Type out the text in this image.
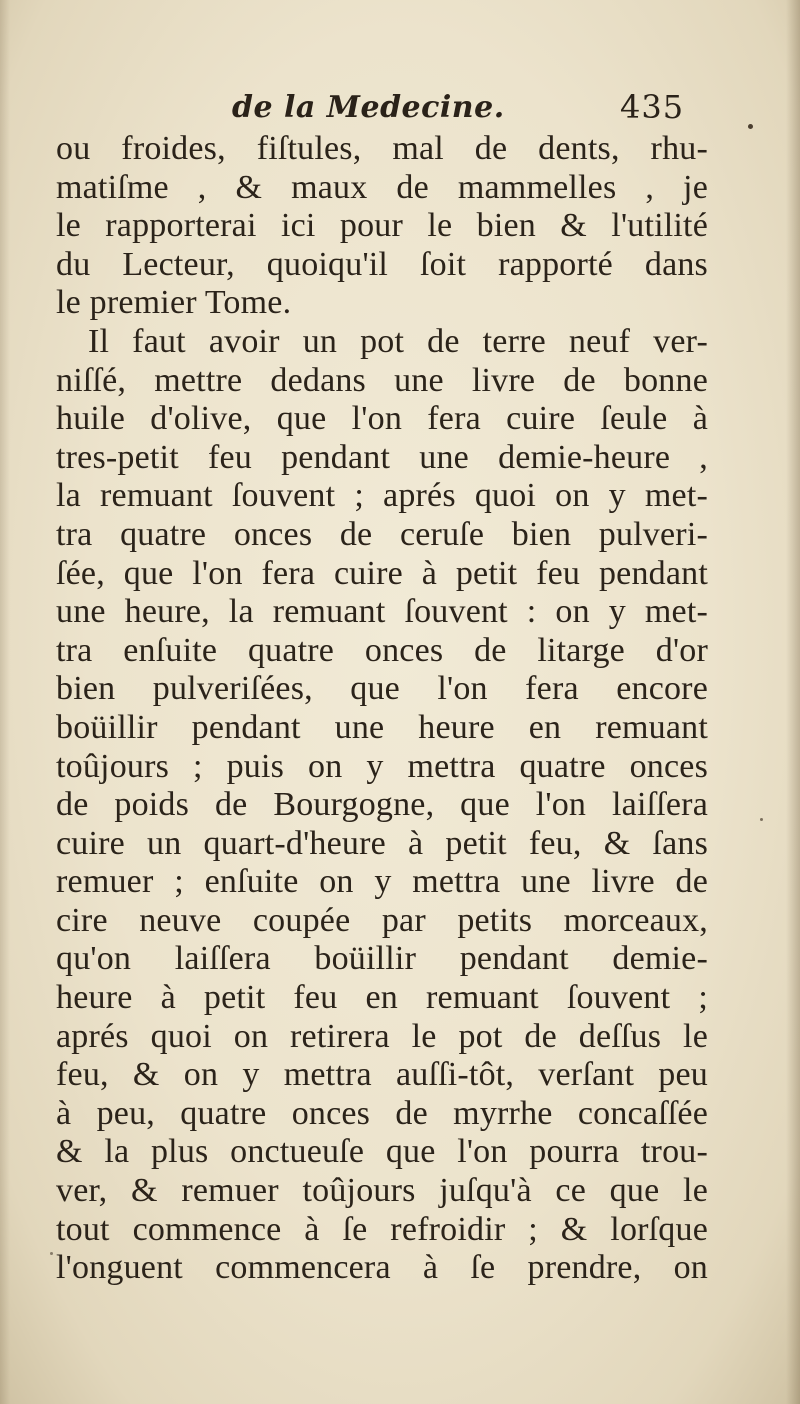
de la Medecine.	435
ou froides, fiſtules, mal de dents, rhu-
matiſme , & maux de mammelles , je
le rapporterai ici pour le bien & l'utilité
du Lecteur, quoiqu'il ſoit rapporté dans
le premier Tome.
Il faut avoir un pot de terre neuf ver-
niſſé, mettre dedans une livre de bonne
huile d'olive, que l'on fera cuire ſeule à
tres-petit feu pendant une demie-heure ,
la remuant ſouvent ; aprés quoi on y met-
tra quatre onces de ceruſe bien pulveri-
ſée, que l'on fera cuire à petit feu pendant
une heure, la remuant ſouvent : on y met-
tra enſuite quatre onces de litarge d'or
bien pulveriſées, que l'on fera encore
boüillir pendant une heure en remuant
toûjours ; puis on y mettra quatre onces
de poids de Bourgogne, que l'on laiſſera
cuire un quart-d'heure à petit feu, & ſans
remuer ; enſuite on y mettra une livre de
cire neuve coupée par petits morceaux,
qu'on laiſſera boüillir pendant demie-
heure à petit feu en remuant ſouvent ;
aprés quoi on retirera le pot de deſſus le
feu, & on y mettra auſſi-tôt, verſant peu
à peu, quatre onces de myrrhe concaſſée
& la plus onctueuſe que l'on pourra trou-
ver, & remuer toûjours juſqu'à ce que le
tout commence à ſe refroidir ; & lorſque
l'onguent commencera à ſe prendre, on
